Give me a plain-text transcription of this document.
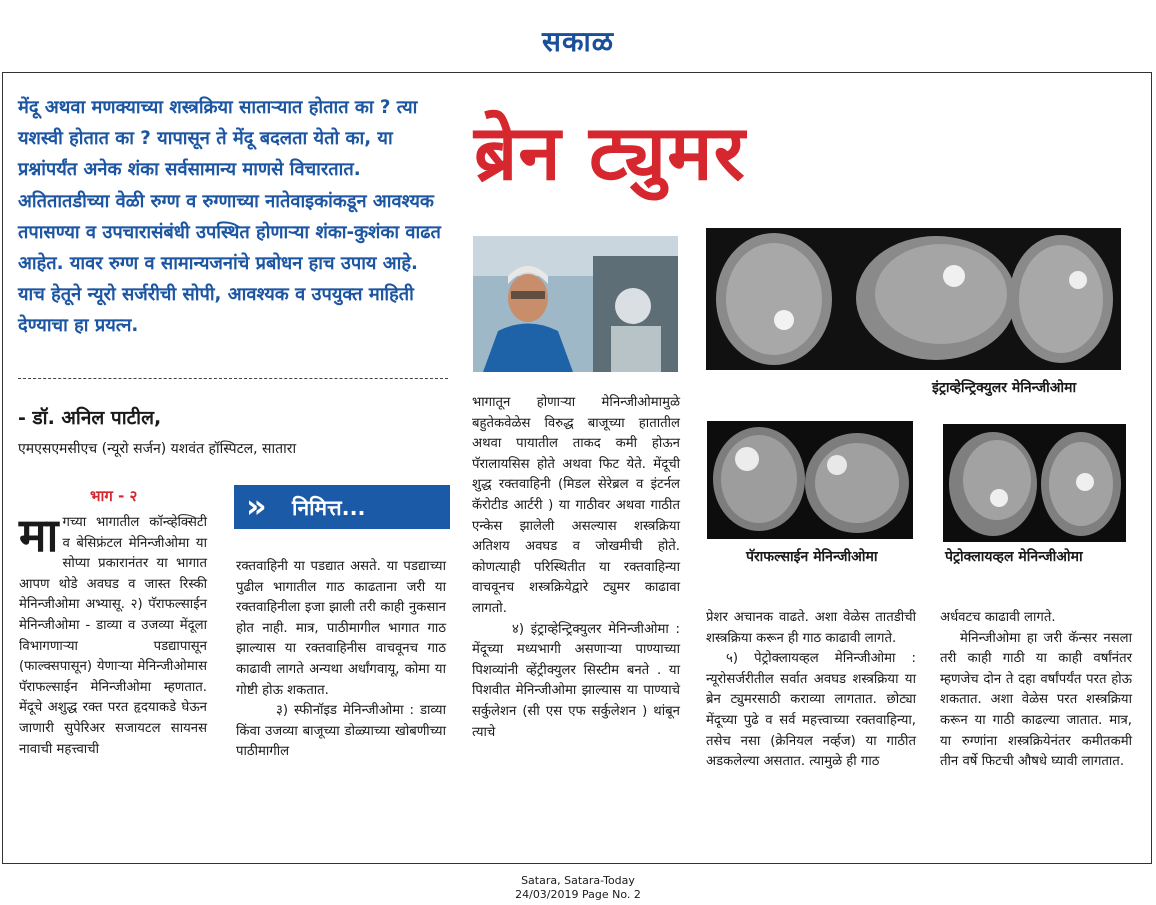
सकाळ
मेंदू अथवा मणक्याच्या शस्त्रक्रिया साताऱ्यात होतात का ? त्या यशस्वी होतात का ? यापासून ते मेंदू बदलता येतो का, या प्रश्नांपर्यंत अनेक शंका सर्वसामान्य माणसे विचारतात. अतितातडीच्या वेळी रुग्ण व रुग्णाच्या नातेवाइकांकडून आवश्यक तपासण्या व उपचारासंबंधी उपस्थित होणाऱ्या शंका-कुशंका वाढत आहेत. यावर रुग्ण व सामान्यजनांचे प्रबोधन हाच उपाय आहे. याच हेतूने न्यूरो सर्जरीची सोपी, आवश्यक व उपयुक्त माहिती देण्याचा हा प्रयत्न.
- डॉ. अनिल पाटील,
एमएसएमसीएच (न्यूरो सर्जन) यशवंत हॉस्पिटल, सातारा
ब्रेन ट्युमर
इंट्राव्हेन्ट्रिक्युलर मेनिन्जीओमा
पॅराफल्साईन मेनिन्जीओमा	पेट्रोक्लायव्हल मेनिन्जीओमा
भाग - २	» निमित्त...
मा गच्या भागातील कॉन्व्हेक्सिटी व बेसिफ्रंटल मेनिन्जीओमा या सोप्या प्रकारानंतर या भागात आपण थोडे अवघड व जास्त रिस्की मेनिन्जीओमा अभ्यासू. २) पॅराफल्साईन मेनिन्जीओमा - डाव्या व उजव्या मेंदूला विभागणाऱ्या पडद्यापासून (फाल्क्सपासून) येणाऱ्या मेनिन्जीओमास पॅराफल्साईन मेनिन्जीओमा म्हणतात. मेंदूचे अशुद्ध रक्त परत हृदयाकडे घेऊन जाणारी सुपेरिअर सजायटल सायनस नावाची महत्त्वाची

रक्तवाहिनी या पडद्यात असते. या पडद्याच्या पुढील भागातील गाठ काढताना जरी या रक्तवाहिनीला इजा झाली तरी काही नुकसान होत नाही. मात्र, पाठीमागील भागात गाठ झाल्यास या रक्तवाहिनीस वाचवूनच गाठ काढावी लागते अन्यथा अर्धांगवायू, कोमा या गोष्टी होऊ शकतात.

३) स्फीनॉइड मेनिन्जीओमा : डाव्या किंवा उजव्या बाजूच्या डोळ्याच्या खोबणीच्या पाठीमागील

भागातून होणाऱ्या मेनिन्जीओमामुळे बहुतेकवेळेस विरुद्ध बाजूच्या हातातील अथवा पायातील ताकद कमी होऊन पॅरालायसिस होते अथवा फिट येते. मेंदूची शुद्ध रक्तवाहिनी (मिडल सेरेब्रल व इंटर्नल कॅरोटीड आर्टरी ) या गाठीवर अथवा गाठीत एन्केस झालेली असल्यास शस्त्रक्रिया अतिशय अवघड व जोखमीची होते. कोणत्याही परिस्थितीत या रक्तवाहिन्या वाचवूनच शस्त्रक्रियेद्वारे ट्युमर काढावा लागतो.

४) इंट्राव्हेन्ट्रिक्युलर मेनिन्जीओमा : मेंदूच्या मध्यभागी असणाऱ्या पाण्याच्या पिशव्यांनी व्हेंट्रीक्युलर सिस्टीम बनते . या पिशवीत मेनिन्जीओमा झाल्यास या पाण्याचे सर्कुलेशन (सी एस एफ सर्कुलेशन ) थांबून त्याचे

प्रेशर अचानक वाढते. अशा वेळेस तातडीची शस्त्रक्रिया करून ही गाठ काढावी लागते.

५) पेट्रोक्लायव्हल मेनिन्जीओमा : न्यूरोसर्जरीतील सर्वात अवघड शस्त्रक्रिया या ब्रेन ट्युमरसाठी कराव्या लागतात. छोट्या मेंदूच्या पुढे व सर्व महत्त्वाच्या रक्तवाहिन्या, तसेच नसा (क्रेनियल नर्व्हज) या गाठीत अडकलेल्या असतात. त्यामुळे ही गाठ

अर्धवटच काढावी लागते.

मेनिन्जीओमा हा जरी कॅन्सर नसला तरी काही गाठी या काही वर्षांनंतर म्हणजेच दोन ते दहा वर्षांपर्यंत परत होऊ शकतात. अशा वेळेस परत शस्त्रक्रिया करून या गाठी काढल्या जातात. मात्र, या रुग्णांना शस्त्रक्रियेनंतर कमीतकमी तीन वर्षे फिटची औषधे घ्यावी लागतात.

Satara, Satara-Today
24/03/2019 Page No. 2
